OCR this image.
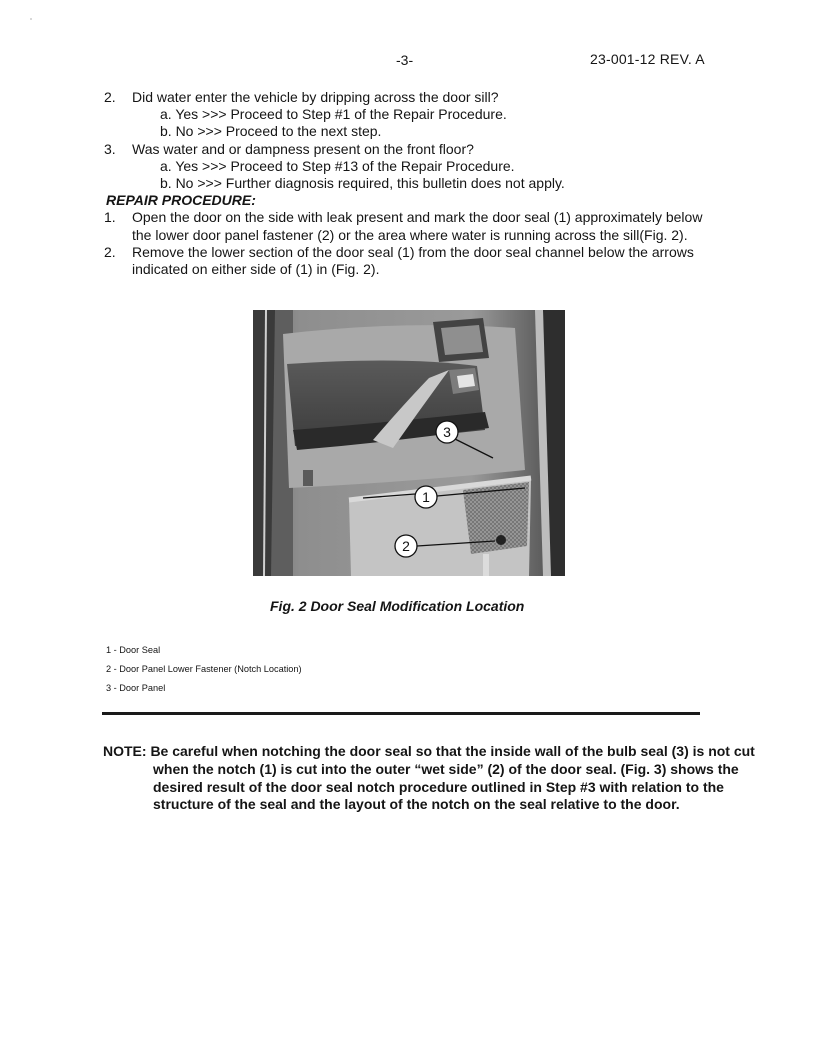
-3-	23-001-12 REV. A
2. Did water enter the vehicle by dripping across the door sill?
a. Yes >>> Proceed to Step #1 of the Repair Procedure.
b. No >>> Proceed to the next step.
3. Was water and or dampness present on the front floor?
a. Yes >>> Proceed to Step #13 of the Repair Procedure.
b. No >>> Further diagnosis required, this bulletin does not apply.
REPAIR PROCEDURE:
1. Open the door on the side with leak present and mark the door seal (1) approximately below the lower door panel fastener (2) or the area where water is running across the sill(Fig. 2).
2. Remove the lower section of the door seal (1) from the door seal channel below the arrows indicated on either side of (1) in (Fig. 2).
3
1
2
Fig. 2 Door Seal Modification Location
1 - Door Seal
2 - Door Panel Lower Fastener (Notch Location)
3 - Door Panel
NOTE: Be careful when notching the door seal so that the inside wall of the bulb seal (3) is not cut when the notch (1) is cut into the outer “wet side” (2) of the door seal. (Fig. 3) shows the desired result of the door seal notch procedure outlined in Step #3 with relation to the structure of the seal and the layout of the notch on the seal relative to the door.
